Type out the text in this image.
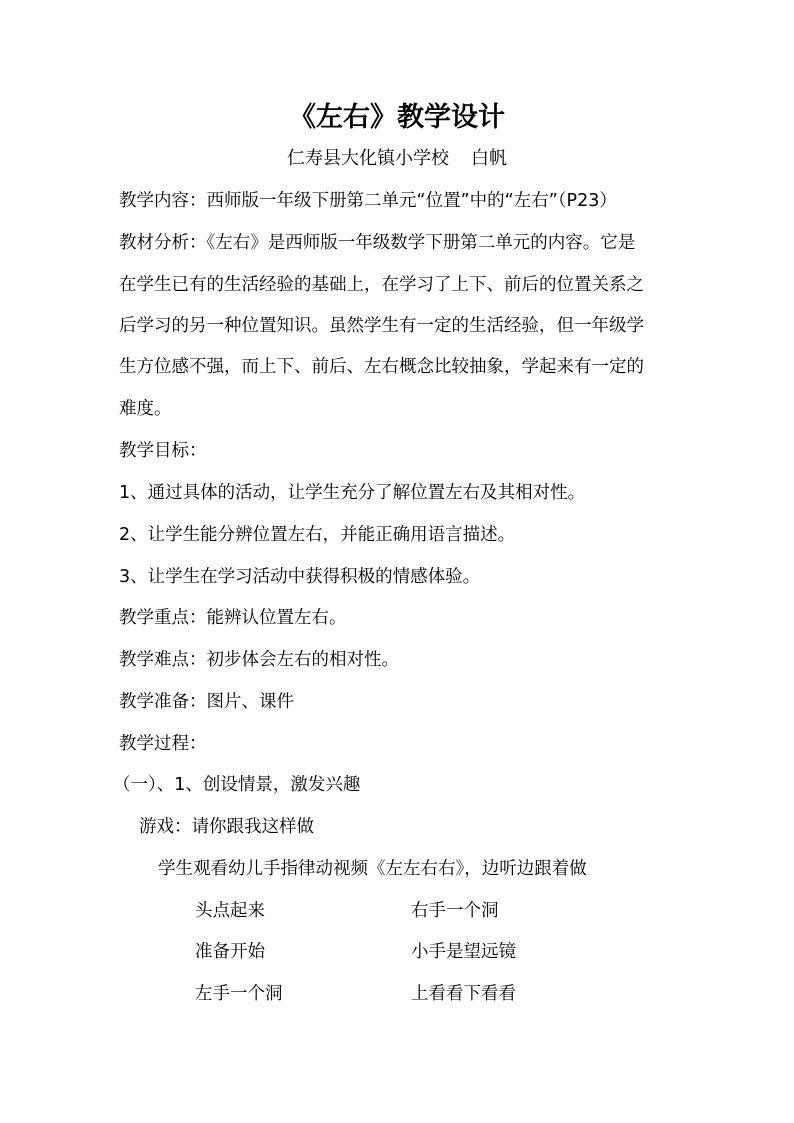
《左右》教学设计
仁寿县大化镇小学校 白帆
教学内容：西师版一年级下册第二单元“位置”中的“左右”（P23）
教材分析：《左右》是西师版一年级数学下册第二单元的内容。它是
在学生已有的生活经验的基础上，在学习了上下、前后的位置关系之
后学习的另一种位置知识。虽然学生有一定的生活经验，但一年级学
生方位感不强，而上下、前后、左右概念比较抽象，学起来有一定的
难度。
教学目标：
1、通过具体的活动，让学生充分了解位置左右及其相对性。
2、让学生能分辨位置左右，并能正确用语言描述。
3、让学生在学习活动中获得积极的情感体验。
教学重点：能辨认位置左右。
教学难点：初步体会左右的相对性。
教学准备：图片、课件
教学过程：
（一）、1、创设情景，激发兴趣
游戏：请你跟我这样做
学生观看幼儿手指律动视频《左左右右》，边听边跟着做
头点起来	右手一个洞
准备开始	小手是望远镜
左手一个洞	上看看下看看
